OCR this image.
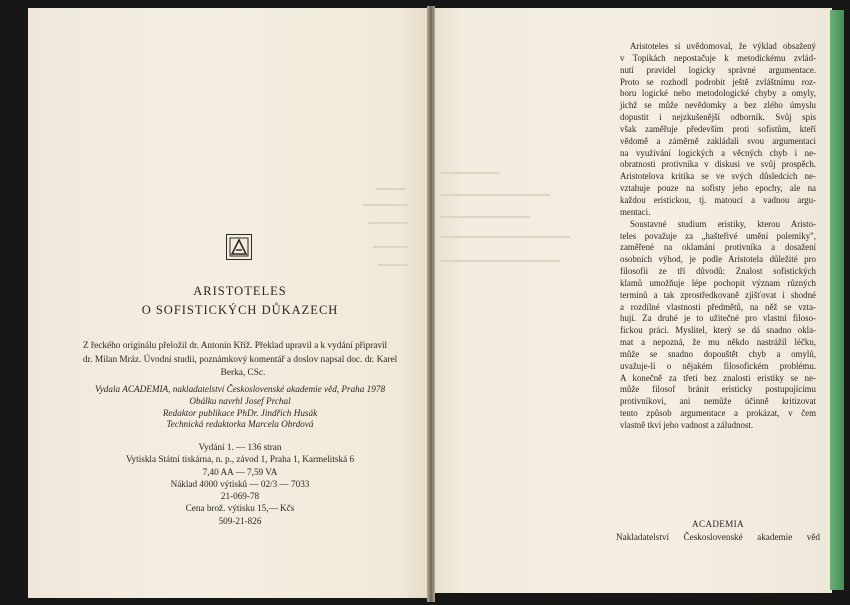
ARISTOTELES
O SOFISTICKÝCH DŮKAZECH
Z řeckého originálu přeložil dr. Antonín Kříž. Překlad upravil a k vydání připravil
dr. Milan Mráz. Úvodní studii, poznámkový komentář a doslov napsal doc. dr. Karel
Berka, CSc.
Vydala ACADEMIA, nakladatelství Československé akademie věd, Praha 1978
Obálku navrhl Josef Prchal
Redaktor publikace PhDr. Jindřich Husák
Technická redaktorka Marcela Obrdová
Vydání 1. — 136 stran
Vytiskla Státní tiskárna, n. p., závod 1, Praha 1, Karmelitská 6
7,40 AA — 7,59 VA
Náklad 4000 výtisků — 02/3 — 7033
21-069-78
Cena brož. výtisku 15,— Kčs
509-21-826
Aristoteles si uvědomoval, že výklad obsažený
v Topikách nepostačuje k metodickému zvlád-
nutí pravidel logicky správné argumentace.
Proto se rozhodl podrobit ještě zvláštnímu roz-
boru logické nebo metodologické chyby a omyly,
jichž se může nevědomky a bez zlého úmyslu
dopustit i nejzkušenější odborník. Svůj spis
však zaměřuje především proti sofistům, kteří
vědomě a záměrně zakládali svou argumentaci
na využívání logických a věcných chyb i ne-
obratnosti protivníka v diskusi ve svůj prospěch.
Aristotelova kritika se ve svých důsledcích ne-
vztahuje pouze na sofisty jeho epochy, ale na
každou eristickou, tj. matoucí a vadnou argu-
mentaci.
Soustavné studium eristiky, kterou Aristo-
teles považuje za „hašteřivé umění polemiky",
zaměřené na oklamání protivníka a dosažení
osobních výhod, je podle Aristotela důležité pro
filosofii ze tří důvodů: Znalost sofistických
klamů umožňuje lépe pochopit význam různých
termínů a tak zprostředkovaně zjišťovat i shodné
a rozdílné vlastnosti předmětů, na něž se vzta-
hují. Za druhé je to užitečné pro vlastní filoso-
fickou práci. Myslitel, který se dá snadno okla-
mat a nepozná, že mu někdo nastrážil léčku,
může se snadno dopouštět chyb a omylů,
uvažuje-li o nějakém filosofickém problému.
A konečně za třetí bez znalosti eristiky se ne-
může filosof bránit eristicky postupujícímu
protivníkovi, ani nemůže účinně kritizovat
tento způsob argumentace a prokázat, v čem
vlastně tkví jeho vadnost a záludnost.
ACADEMIA
Nakladatelství Československé akademie věd
